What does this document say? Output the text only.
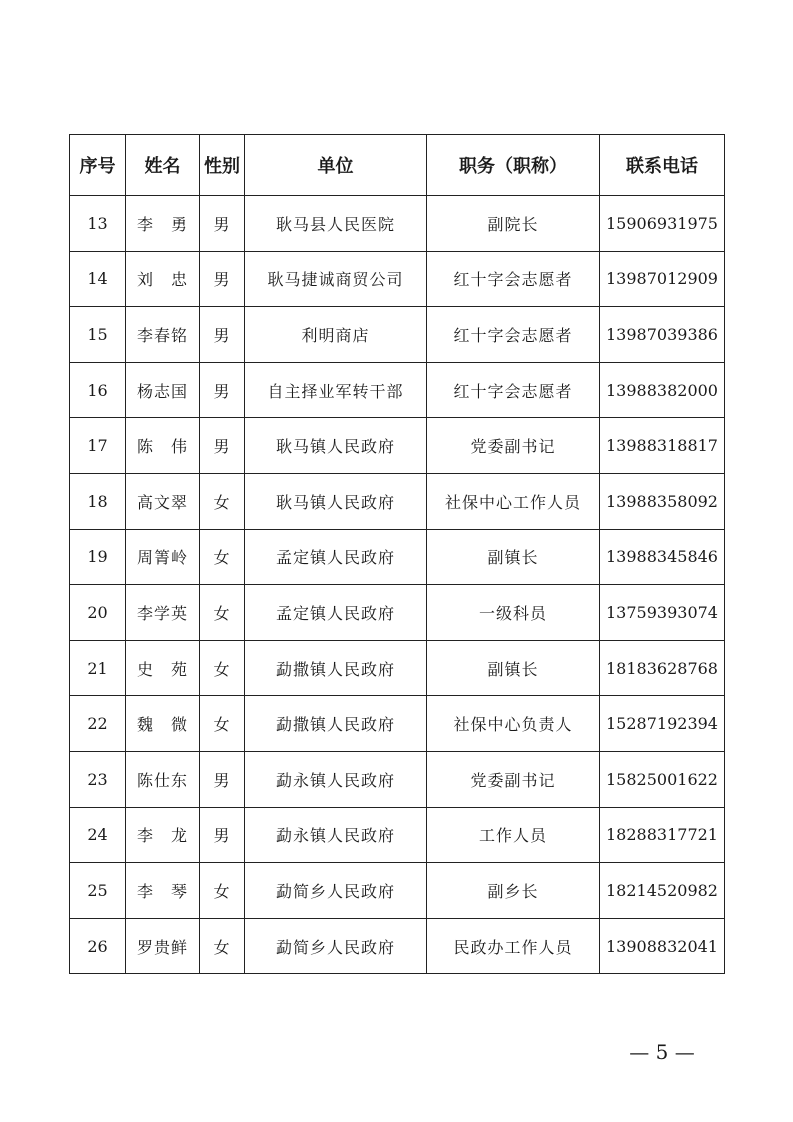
序号	姓名	性别	单位	职务（职称）	联系电话
13	李　勇	男	耿马县人民医院	副院长	15906931975
14	刘　忠	男	耿马捷诚商贸公司	红十字会志愿者	13987012909
15	李春铭	男	利明商店	红十字会志愿者	13987039386
16	杨志国	男	自主择业军转干部	红十字会志愿者	13988382000
17	陈　伟	男	耿马镇人民政府	党委副书记	13988318817
18	高文翠	女	耿马镇人民政府	社保中心工作人员	13988358092
19	周箐岭	女	孟定镇人民政府	副镇长	13988345846
20	李学英	女	孟定镇人民政府	一级科员	13759393074
21	史　苑	女	勐撒镇人民政府	副镇长	18183628768
22	魏　微	女	勐撒镇人民政府	社保中心负责人	15287192394
23	陈仕东	男	勐永镇人民政府	党委副书记	15825001622
24	李　龙	男	勐永镇人民政府	工作人员	18288317721
25	李　琴	女	勐简乡人民政府	副乡长	18214520982
26	罗贵鲜	女	勐简乡人民政府	民政办工作人员	13908832041
— 5 —
